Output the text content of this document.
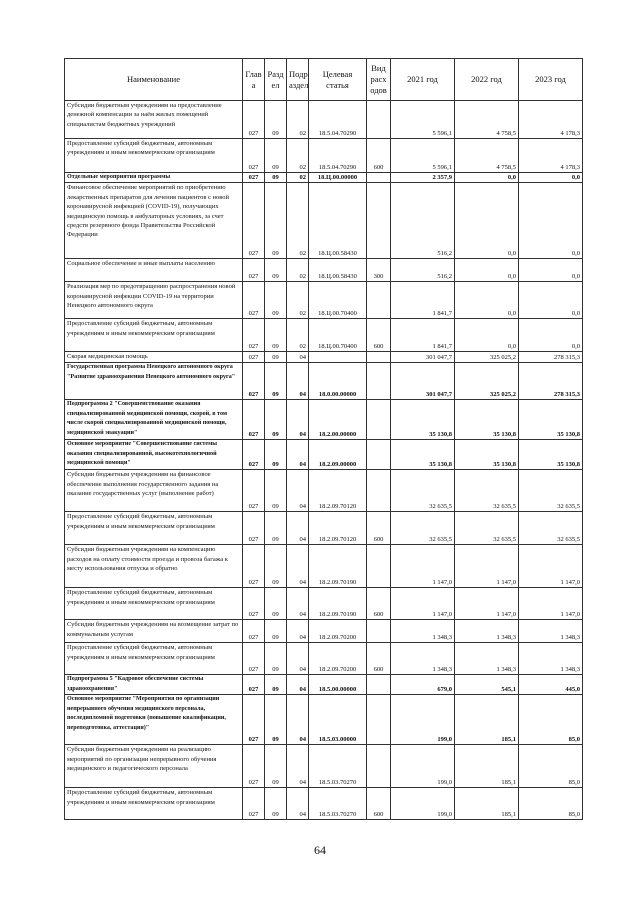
Наименование	Глав а	Разд ел	Подр аздел	Целевая статья	Вид расх одов	2021 год	2022 год	2023 год
Субсидии бюджетным учреждениям на предоставление денежной компенсации за наём жилых помещений специалистам бюджетных учреждений	027	09	02	18.5.04.70290		5 596,1	4 758,5	4 178,3
Предоставление субсидий бюджетным, автономным учреждениям и иным некоммерческим организациям	027	09	02	18.5.04.70290	600	5 596,1	4 758,5	4 178,3
Отдельные мероприятия программы	027	09	02	18.Ц.00.00000		2 357,9	0,0	0,0
Финансовое обеспечение мероприятий по приобретению лекарственных препаратов для лечения пациентов с новой коронавирусной инфекцией (COVID-19), получающих медицинскую помощь в амбулаторных условиях, за счет средств резервного фонда Правительства Российской Федерации	027	09	02	18.Ц.00.58430		516,2	0,0	0,0
Социальное обеспечение и иные выплаты населению	027	09	02	18.Ц.00.58430	300	516,2	0,0	0,0
Реализация мер по предотвращению распространения новой коронавирусной инфекции COVID-19 на территории Ненецкого автономного округа	027	09	02	18.Ц.00.70400		1 841,7	0,0	0,0
Предоставление субсидий бюджетным, автономным учреждениям и иным некоммерческим организациям	027	09	02	18.Ц.00.70400	600	1 841,7	0,0	0,0
Скорая медицинская помощь	027	09	04			301 047,7	325 025,2	278 315,3
Государственная программа Ненецкого автономного округа "Развитие здравоохранения Ненецкого автономного округа"	027	09	04	18.0.00.00000		301 047,7	325 025,2	278 315,3
Подпрограмма 2 "Совершенствование оказания специализированной медицинской помощи, скорой, в том числе скорой специализированной медицинской помощи, медицинской эвакуации"	027	09	04	18.2.00.00000		35 130,8	35 130,8	35 130,8
Основное мероприятие "Совершенствование системы оказания специализированной, высокотехнологичной медицинской помощи"	027	09	04	18.2.09.00000		35 130,8	35 130,8	35 130,8
Субсидии бюджетным учреждениям на финансовое обеспечение выполнения государственного задания на оказание государственных услуг (выполнение работ)	027	09	04	18.2.09.70120		32 635,5	32 635,5	32 635,5
Предоставление субсидий бюджетным, автономным учреждениям и иным некоммерческим организациям	027	09	04	18.2.09.70120	600	32 635,5	32 635,5	32 635,5
Субсидии бюджетным учреждениям на компенсацию расходов на оплату стоимости проезда и провоза багажа к месту использования отпуска и обратно	027	09	04	18.2.09.70190		1 147,0	1 147,0	1 147,0
Предоставление субсидий бюджетным, автономным учреждениям и иным некоммерческим организациям	027	09	04	18.2.09.70190	600	1 147,0	1 147,0	1 147,0
Субсидии бюджетным учреждениям на возмещение затрат по коммунальным услугам	027	09	04	18.2.09.70200		1 348,3	1 348,3	1 348,3
Предоставление субсидий бюджетным, автономным учреждениям и иным некоммерческим организациям	027	09	04	18.2.09.70200	600	1 348,3	1 348,3	1 348,3
Подпрограмма 5 "Кадровое обеспечение системы здравоохранения"	027	09	04	18.5.00.00000		679,0	545,1	445,0
Основное мероприятие "Мероприятия по организации непрерывного обучения медицинского персонала, последипломной подготовки (повышение квалификации, переподготовка, аттестация)"	027	09	04	18.5.03.00000		199,0	185,1	85,0
Субсидии бюджетным учреждениям на реализацию мероприятий по организации непрерывного обучения медицинского и педагогического персонала	027	09	04	18.5.03.70270		199,0	185,1	85,0
Предоставление субсидий бюджетным, автономным учреждениям и иным некоммерческим организациям	027	09	04	18.5.03.70270	600	199,0	185,1	85,0
64
